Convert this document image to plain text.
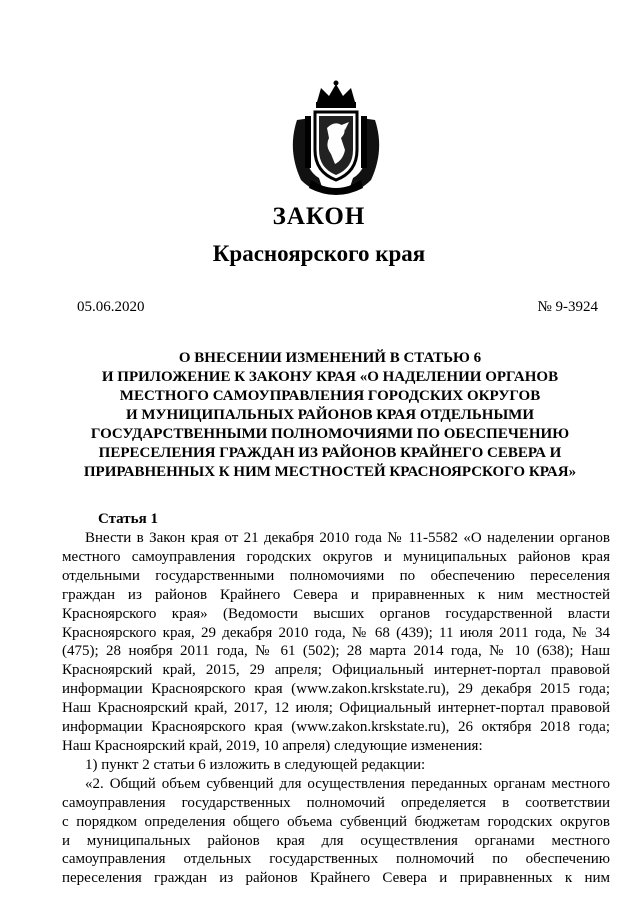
ЗАКОН
Красноярского края
05.06.2020	№ 9-3924
О ВНЕСЕНИИ ИЗМЕНЕНИЙ В СТАТЬЮ 6
И ПРИЛОЖЕНИЕ К ЗАКОНУ КРАЯ «О НАДЕЛЕНИИ ОРГАНОВ
МЕСТНОГО САМОУПРАВЛЕНИЯ ГОРОДСКИХ ОКРУГОВ
И МУНИЦИПАЛЬНЫХ РАЙОНОВ КРАЯ ОТДЕЛЬНЫМИ
ГОСУДАРСТВЕННЫМИ ПОЛНОМОЧИЯМИ ПО ОБЕСПЕЧЕНИЮ
ПЕРЕСЕЛЕНИЯ ГРАЖДАН ИЗ РАЙОНОВ КРАЙНЕГО СЕВЕРА И
ПРИРАВНЕННЫХ К НИМ МЕСТНОСТЕЙ КРАСНОЯРСКОГО КРАЯ»
Статья 1
Внести в Закон края от 21 декабря 2010 года № 11-5582 «О наделении органов
местного самоуправления городских округов и муниципальных районов края
отдельными государственными полномочиями по обеспечению переселения
граждан из районов Крайнего Севера и приравненных к ним местностей
Красноярского края» (Ведомости высших органов государственной власти
Красноярского края, 29 декабря 2010 года, № 68 (439); 11 июля 2011 года, № 34
(475); 28 ноября 2011 года, № 61 (502); 28 марта 2014 года, № 10 (638); Наш
Красноярский край, 2015, 29 апреля; Официальный интернет-портал правовой
информации Красноярского края (www.zakon.krskstate.ru), 29 декабря 2015 года;
Наш Красноярский край, 2017, 12 июля; Официальный интернет-портал правовой
информации Красноярского края (www.zakon.krskstate.ru), 26 октября 2018 года;
Наш Красноярский край, 2019, 10 апреля) следующие изменения:
1) пункт 2 статьи 6 изложить в следующей редакции:
«2. Общий объем субвенций для осуществления переданных органам местного
самоуправления государственных полномочий определяется в соответствии
с порядком определения общего объема субвенций бюджетам городских округов
и муниципальных районов края для осуществления органами местного
самоуправления отдельных государственных полномочий по обеспечению
переселения граждан из районов Крайнего Севера и приравненных к ним
